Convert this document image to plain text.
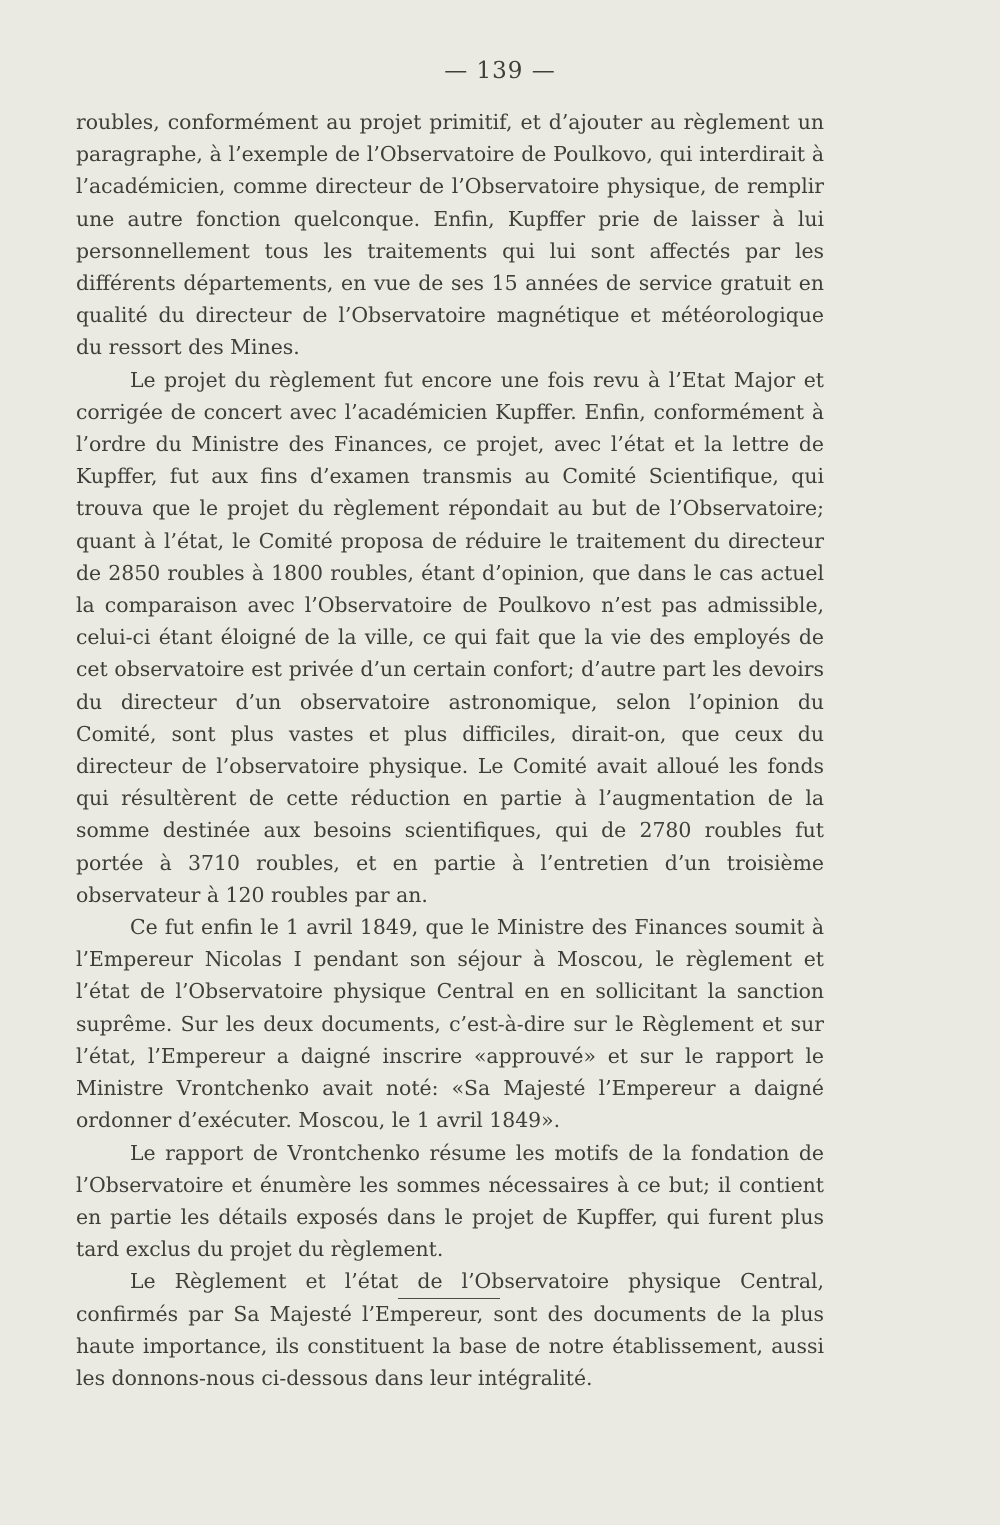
— 139 —

roubles, conformément au projet primitif, et d’ajouter au règlement un paragraphe, à l’exemple de l’Observatoire de Poulkovo, qui interdirait à l’académicien, comme directeur de l’Observatoire physique, de remplir une autre fonction quelconque. Enfin, Kupffer prie de laisser à lui personnellement tous les traitements qui lui sont affectés par les différents départements, en vue de ses 15 années de service gratuit en qualité du directeur de l’Observatoire magnétique et météorologique du ressort des Mines.

Le projet du règlement fut encore une fois revu à l’Etat Major et corrigée de concert avec l’académicien Kupffer. Enfin, conformément à l’ordre du Ministre des Finances, ce projet, avec l’état et la lettre de Kupffer, fut aux fins d’examen transmis au Comité Scientifique, qui trouva que le projet du règlement répondait au but de l’Observatoire; quant à l’état, le Comité proposa de réduire le traitement du directeur de 2850 roubles à 1800 roubles, étant d’opinion, que dans le cas actuel la comparaison avec l’Observatoire de Poulkovo n’est pas admissible, celui-ci étant éloigné de la ville, ce qui fait que la vie des employés de cet observatoire est privée d’un certain confort; d’autre part les devoirs du directeur d’un observatoire astronomique, selon l’opinion du Comité, sont plus vastes et plus difficiles, dirait-on, que ceux du directeur de l’observatoire physique. Le Comité avait alloué les fonds qui résultèrent de cette réduction en partie à l’augmentation de la somme destinée aux besoins scientifiques, qui de 2780 roubles fut portée à 3710 roubles, et en partie à l’entretien d’un troisième observateur à 120 roubles par an.

Ce fut enfin le 1 avril 1849, que le Ministre des Finances soumit à l’Empereur Nicolas I pendant son séjour à Moscou, le règlement et l’état de l’Observatoire physique Central en en sollicitant la sanction suprême. Sur les deux documents, c’est-à-dire sur le Règlement et sur l’état, l’Empereur a daigné inscrire «approuvé» et sur le rapport le Ministre Vrontchenko avait noté: «Sa Majesté l’Empereur a daigné ordonner d’exécuter. Moscou, le 1 avril 1849».

Le rapport de Vrontchenko résume les motifs de la fondation de l’Observatoire et énumère les sommes nécessaires à ce but; il contient en partie les détails exposés dans le projet de Kupffer, qui furent plus tard exclus du projet du règlement.

Le Règlement et l’état de l’Observatoire physique Central, confirmés par Sa Majesté l’Empereur, sont des documents de la plus haute importance, ils constituent la base de notre établissement, aussi les donnons-nous ci-dessous dans leur intégralité.
